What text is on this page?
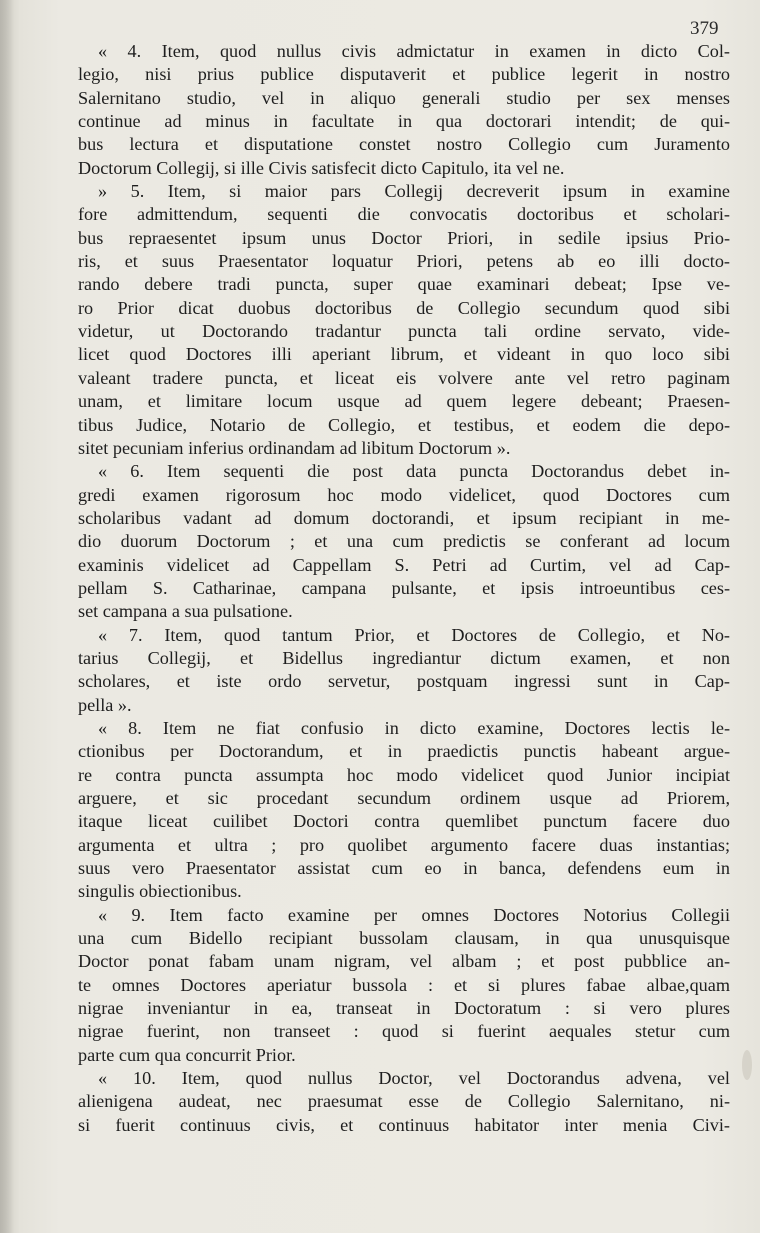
379
« 4. Item, quod nullus civis admictatur in examen in dicto Col-
legio, nisi prius publice disputaverit et publice legerit in nostro
Salernitano studio, vel in aliquo generali studio per sex menses
continue ad minus in facultate in qua doctorari intendit; de qui-
bus lectura et disputatione constet nostro Collegio cum Juramento
Doctorum Collegij, si ille Civis satisfecit dicto Capitulo, ita vel ne.
» 5. Item, si maior pars Collegij decreverit ipsum in examine
fore admittendum, sequenti die convocatis doctoribus et scholari-
bus repraesentet ipsum unus Doctor Priori, in sedile ipsius Prio-
ris, et suus Praesentator loquatur Priori, petens ab eo illi docto-
rando debere tradi puncta, super quae examinari debeat; Ipse ve-
ro Prior dicat duobus doctoribus de Collegio secundum quod sibi
videtur, ut Doctorando tradantur puncta tali ordine servato, vide-
licet quod Doctores illi aperiant librum, et videant in quo loco sibi
valeant tradere puncta, et liceat eis volvere ante vel retro paginam
unam, et limitare locum usque ad quem legere debeant; Praesen-
tibus Judice, Notario de Collegio, et testibus, et eodem die depo-
sitet pecuniam inferius ordinandam ad libitum Doctorum ».
« 6. Item sequenti die post data puncta Doctorandus debet in-
gredi examen rigorosum hoc modo videlicet, quod Doctores cum
scholaribus vadant ad domum doctorandi, et ipsum recipiant in me-
dio duorum Doctorum ; et una cum predictis se conferant ad locum
examinis videlicet ad Cappellam S. Petri ad Curtim, vel ad Cap-
pellam S. Catharinae, campana pulsante, et ipsis introeuntibus ces-
set campana a sua pulsatione.
« 7. Item, quod tantum Prior, et Doctores de Collegio, et No-
tarius Collegij, et Bidellus ingrediantur dictum examen, et non
scholares, et iste ordo servetur, postquam ingressi sunt in Cap-
pella ».
« 8. Item ne fiat confusio in dicto examine, Doctores lectis le-
ctionibus per Doctorandum, et in praedictis punctis habeant argue-
re contra puncta assumpta hoc modo videlicet quod Junior incipiat
arguere, et sic procedant secundum ordinem usque ad Priorem,
itaque liceat cuilibet Doctori contra quemlibet punctum facere duo
argumenta et ultra ; pro quolibet argumento facere duas instantias;
suus vero Praesentator assistat cum eo in banca, defendens eum in
singulis obiectionibus.
« 9. Item facto examine per omnes Doctores Notorius Collegii
una cum Bidello recipiant bussolam clausam, in qua unusquisque
Doctor ponat fabam unam nigram, vel albam ; et post pubblice an-
te omnes Doctores aperiatur bussola : et si plures fabae albae,quam
nigrae inveniantur in ea, transeat in Doctoratum : si vero plures
nigrae fuerint, non transeet : quod si fuerint aequales stetur cum
parte cum qua concurrit Prior.
« 10. Item, quod nullus Doctor, vel Doctorandus advena, vel
alienigena audeat, nec praesumat esse de Collegio Salernitano, ni-
si fuerit continuus civis, et continuus habitator inter menia Civi-
